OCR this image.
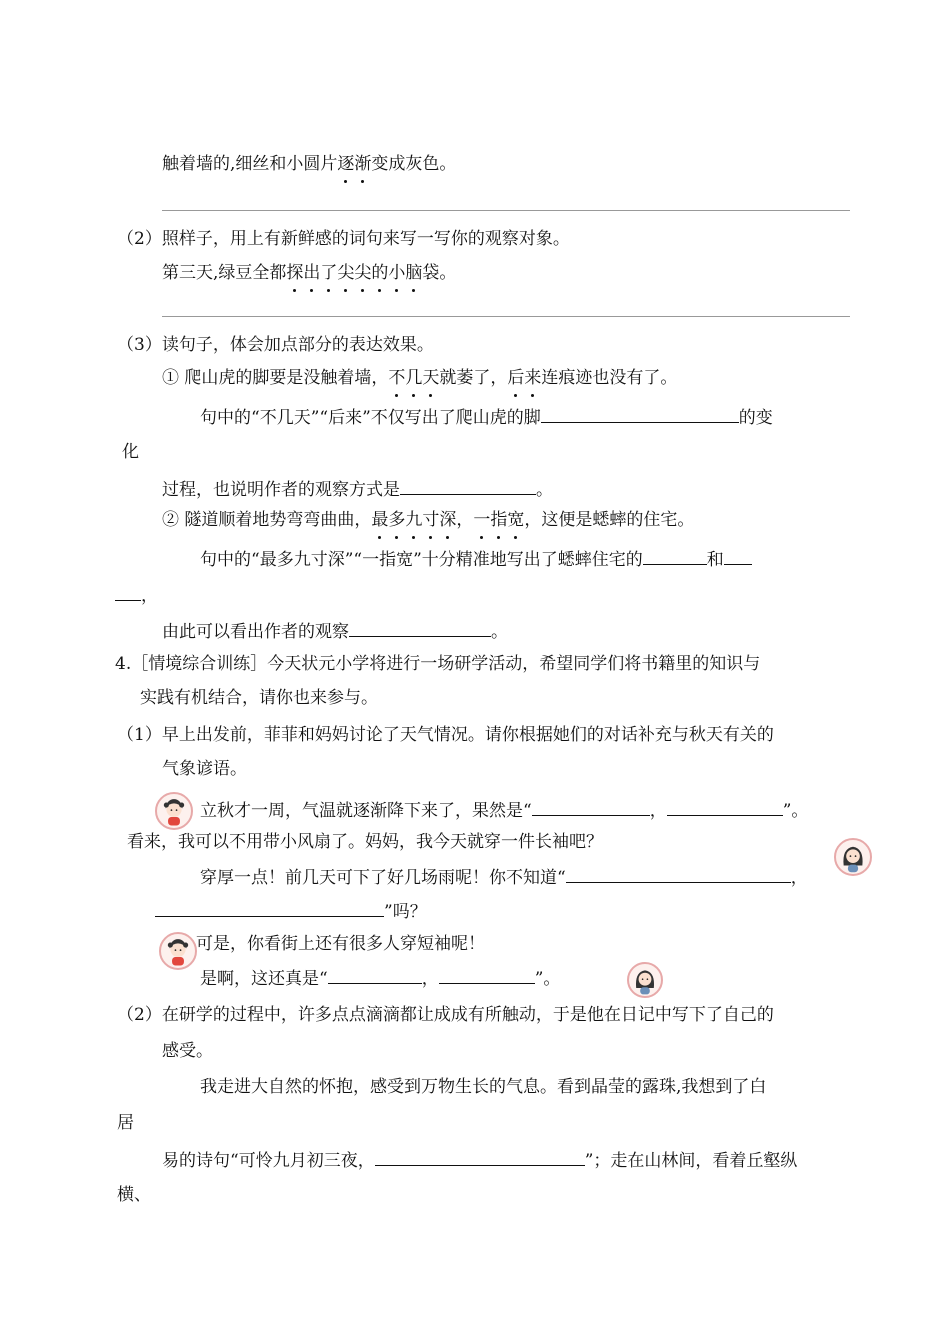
触着墙的,细丝和小圆片逐渐变成灰色。
（2）照样子，用上有新鲜感的词句来写一写你的观察对象。
第三天,绿豆全都探出了尖尖的小脑袋。
（3）读句子，体会加点部分的表达效果。
① 爬山虎的脚要是没触着墙，不几天就萎了，后来连痕迹也没有了。
句中的“不几天”“后来”不仅写出了爬山虎的脚	的变
化
过程，也说明作者的观察方式是	。
② 隧道顺着地势弯弯曲曲，最多九寸深，一指宽，这便是蟋蟀的住宅。
句中的“最多九寸深”“一指宽”十分精准地写出了蟋蟀住宅的	和
，
由此可以看出作者的观察	。
4.［情境综合训练］今天状元小学将进行一场研学活动，希望同学们将书籍里的知识与
实践有机结合，请你也来参与。
（1）早上出发前，菲菲和妈妈讨论了天气情况。请你根据她们的对话补充与秋天有关的
气象谚语。
立秋才一周，气温就逐渐降下来了，果然是“	，	”。
看来，我可以不用带小风扇了。妈妈，我今天就穿一件长袖吧？
穿厚一点！前几天可下了好几场雨呢！你不知道“	，
”吗？
可是，你看街上还有很多人穿短袖呢！
是啊，这还真是“	，	”。
（2）在研学的过程中，许多点点滴滴都让成成有所触动，于是他在日记中写下了自己的
感受。
我走进大自然的怀抱，感受到万物生长的气息。看到晶莹的露珠,我想到了白
居
易的诗句“可怜九月初三夜，	”；走在山林间，看着丘壑纵
横、
